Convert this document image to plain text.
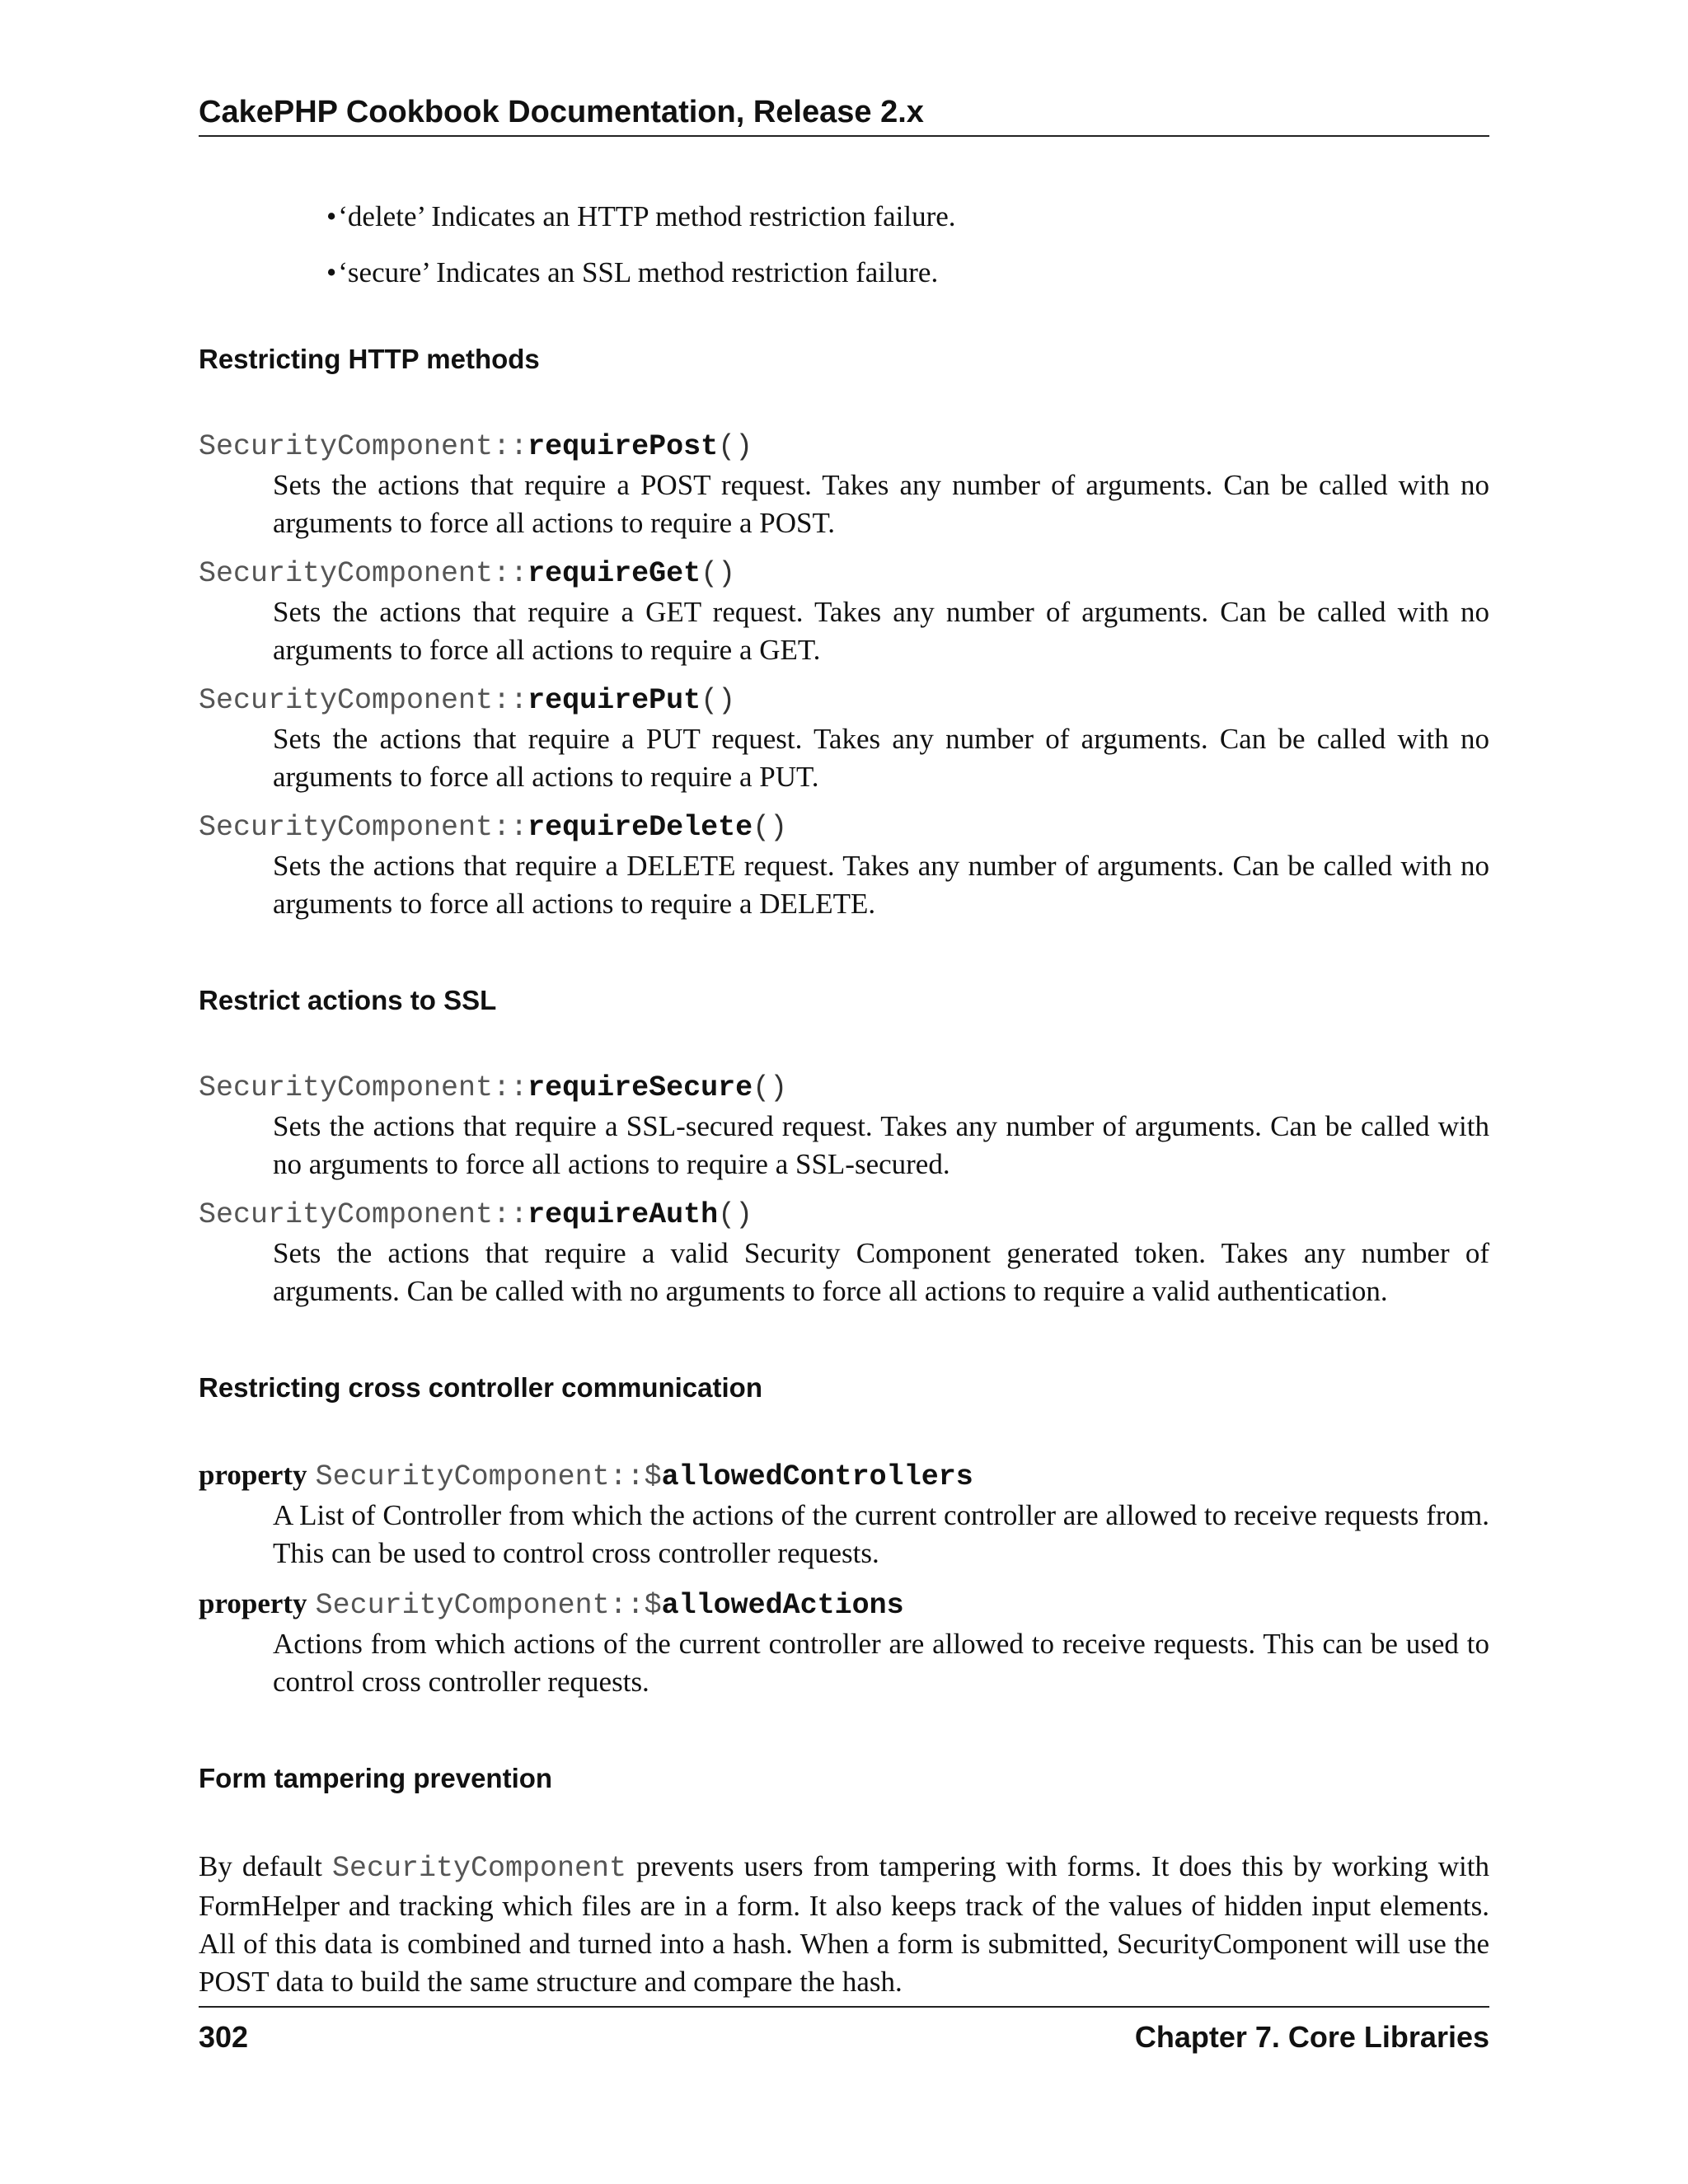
CakePHP Cookbook Documentation, Release 2.x
•‘delete’ Indicates an HTTP method restriction failure.
•‘secure’ Indicates an SSL method restriction failure.
Restricting HTTP methods
SecurityComponent::requirePost()
Sets the actions that require a POST request. Takes any number of arguments. Can be called with no arguments to force all actions to require a POST.
SecurityComponent::requireGet()
Sets the actions that require a GET request. Takes any number of arguments. Can be called with no arguments to force all actions to require a GET.
SecurityComponent::requirePut()
Sets the actions that require a PUT request. Takes any number of arguments. Can be called with no arguments to force all actions to require a PUT.
SecurityComponent::requireDelete()
Sets the actions that require a DELETE request. Takes any number of arguments. Can be called with no arguments to force all actions to require a DELETE.
Restrict actions to SSL
SecurityComponent::requireSecure()
Sets the actions that require a SSL-secured request. Takes any number of arguments. Can be called with no arguments to force all actions to require a SSL-secured.
SecurityComponent::requireAuth()
Sets the actions that require a valid Security Component generated token. Takes any number of arguments. Can be called with no arguments to force all actions to require a valid authentication.
Restricting cross controller communication
property SecurityComponent::$allowedControllers
A List of Controller from which the actions of the current controller are allowed to receive requests from. This can be used to control cross controller requests.
property SecurityComponent::$allowedActions
Actions from which actions of the current controller are allowed to receive requests. This can be used to control cross controller requests.
Form tampering prevention

By default SecurityComponent prevents users from tampering with forms. It does this by working with FormHelper and tracking which files are in a form. It also keeps track of the values of hidden input elements. All of this data is combined and turned into a hash. When a form is submitted, SecurityComponent will use the POST data to build the same structure and compare the hash.

302	Chapter 7. Core Libraries
